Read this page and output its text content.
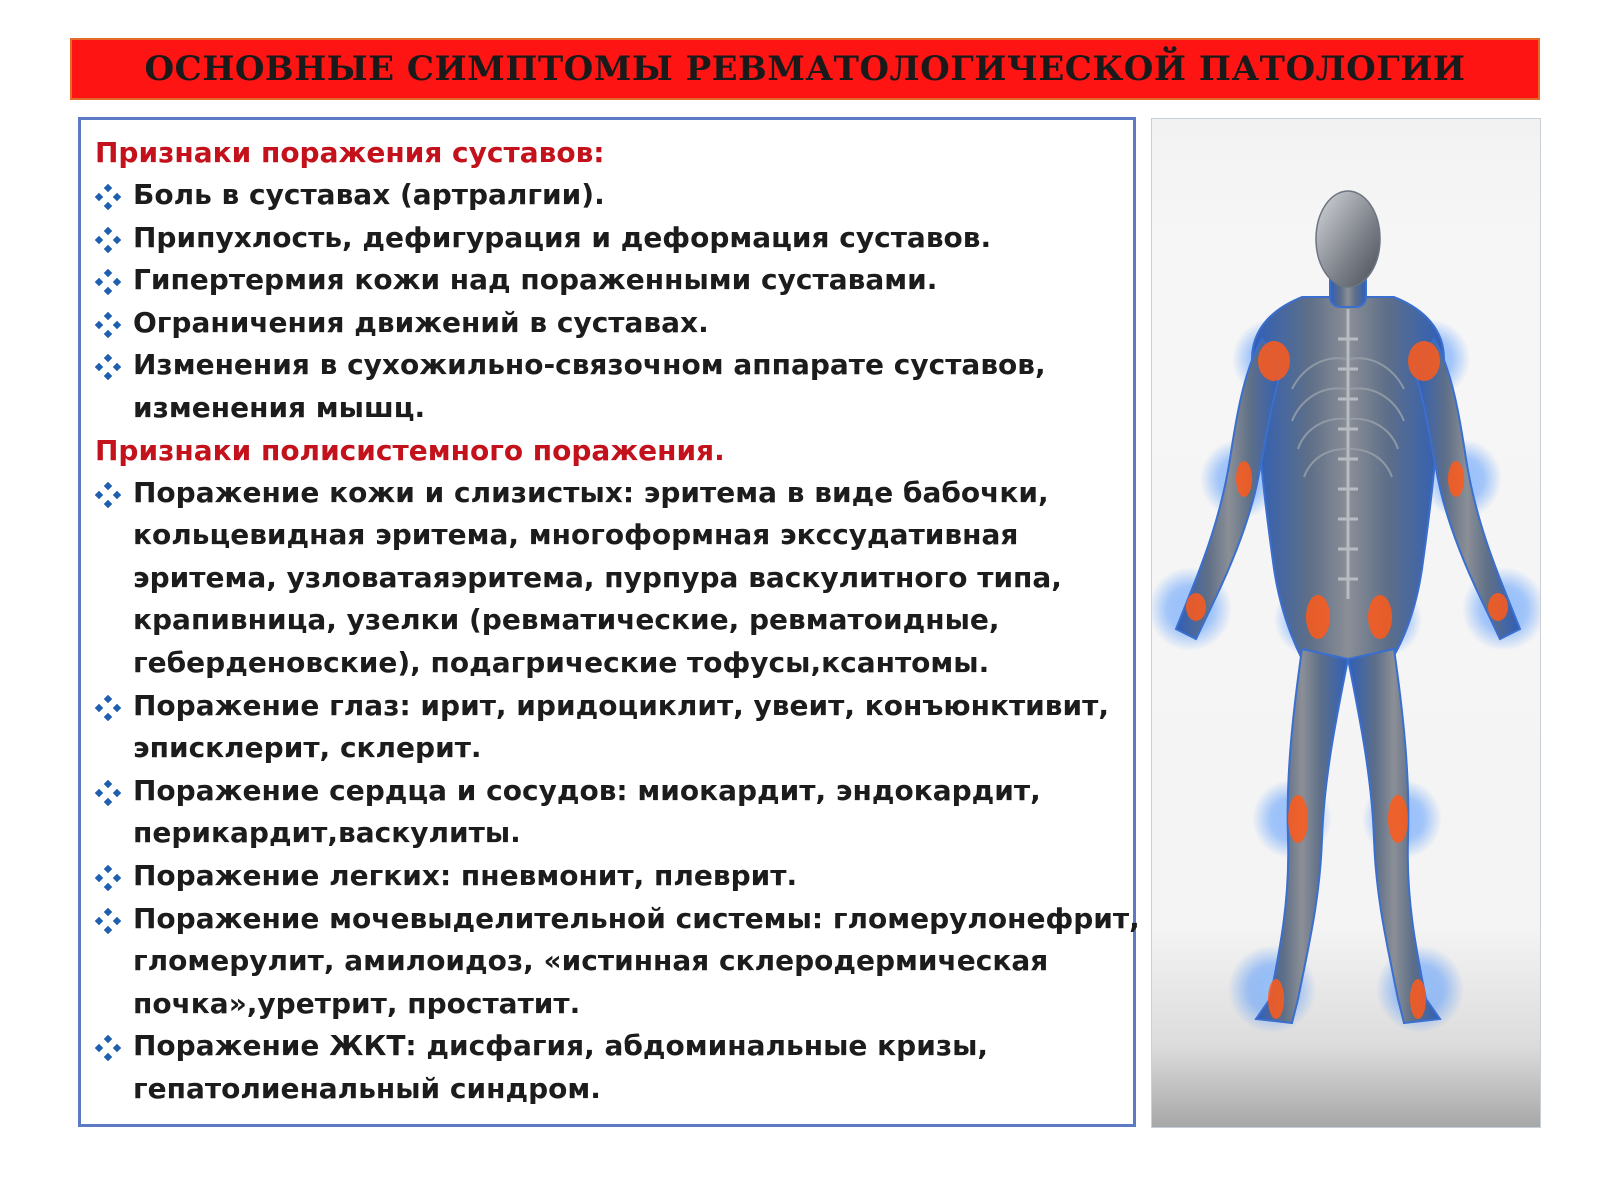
ОСНОВНЫЕ СИМПТОМЫ РЕВМАТОЛОГИЧЕСКОЙ ПАТОЛОГИИ
Признаки поражения суставов:
Боль в суставах (артралгии).
Припухлость, дефигурация и деформация суставов.
Гипертермия кожи над пораженными суставами.
Ограничения движений в суставах.
Изменения в сухожильно-связочном аппарате суставов,
изменения мышц.
Признаки полисистемного поражения.
Поражение кожи и слизистых: эритема в виде бабочки,
кольцевидная эритема, многоформная экссудативная
эритема, узловатаяэритема, пурпура васкулитного типа,
крапивница, узелки (ревматические, ревматоидные,
геберденовские), подагрические тофусы,ксантомы.
Поражение глаз: ирит, иридоциклит, увеит, конъюнктивит,
эписклерит, склерит.
Поражение сердца и сосудов: миокардит, эндокардит,
перикардит,васкулиты.
Поражение легких: пневмонит, плеврит.
Поражение мочевыделительной системы: гломерулонефрит,
гломерулит, амилоидоз, «истинная склеродермическая
почка»,уретрит, простатит.
Поражение ЖКТ: дисфагия, абдоминальные кризы,
гепатолиенальный синдром.
